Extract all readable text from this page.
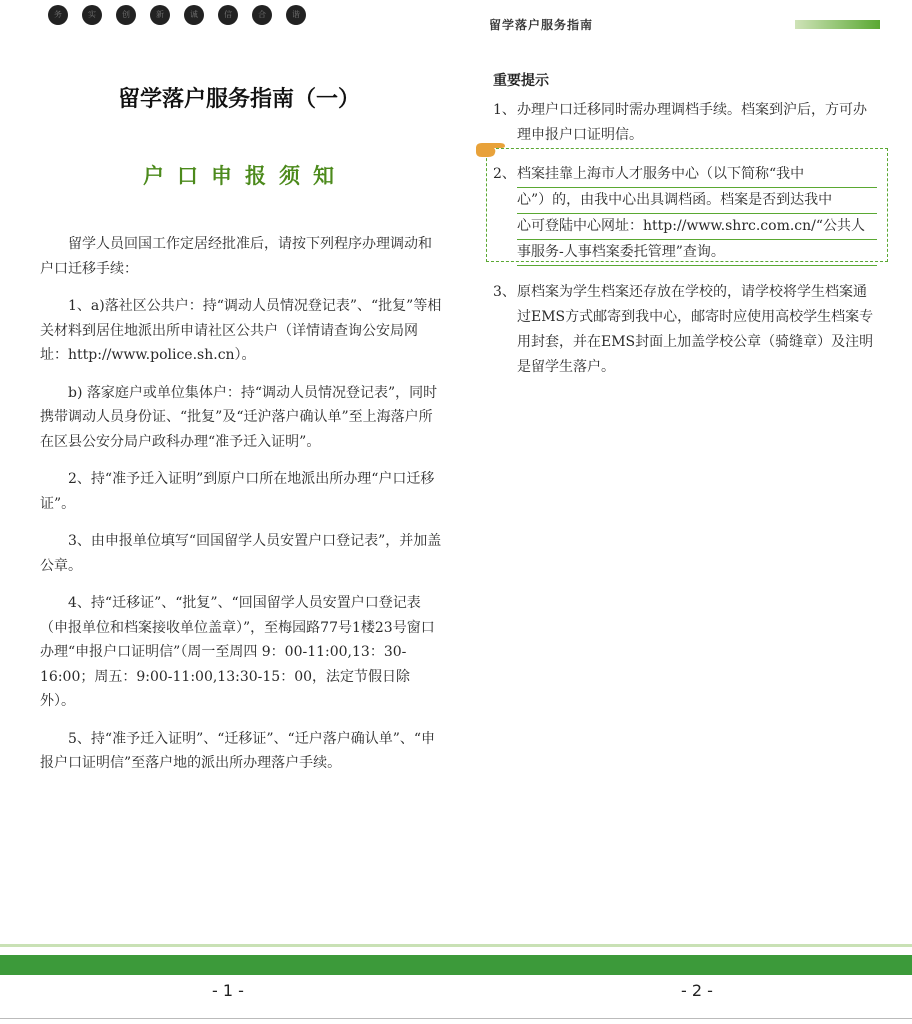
务	实	创	新	诚	信	合	谐
留学落户服务指南
留学落户服务指南（一）
户口申报须知

留学人员回国工作定居经批准后，请按下列程序办理调动和户口迁移手续：

1、a)落社区公共户：持“调动人员情况登记表”、“批复”等相关材料到居住地派出所申请社区公共户（详情请查询公安局网址：http://www.police.sh.cn）。

b) 落家庭户或单位集体户：持“调动人员情况登记表”，同时携带调动人员身份证、“批复”及“迁沪落户确认单”至上海落户所在区县公安分局户政科办理“准予迁入证明”。

2、持“准予迁入证明”到原户口所在地派出所办理“户口迁移证”。

3、由申报单位填写“回国留学人员安置户口登记表”，并加盖公章。

4、持“迁移证”、“批复”、“回国留学人员安置户口登记表（申报单位和档案接收单位盖章）”，至梅园路77号1楼23号窗口办理“申报户口证明信”（周一至周四 9：00-11:00,13：30-16:00；周五：9:00-11:00,13:30-15：00，法定节假日除外）。

5、持“准予迁入证明”、“迁移证”、“迁户落户确认单”、“申报户口证明信”至落户地的派出所办理落户手续。

重要提示
1、 办理户口迁移同时需办理调档手续。档案到沪后，方可办理申报户口证明信。
2、 档案挂靠上海市人才服务中心（以下简称“我中
心”）的，由我中心出具调档函。档案是否到达我中
心可登陆中心网址：http://www.shrc.com.cn/“公共人
事服务-人事档案委托管理”查询。
3、 原档案为学生档案还存放在学校的，请学校将学生档案通过EMS方式邮寄到我中心，邮寄时应使用高校学生档案专用封套，并在EMS封面上加盖学校公章（骑缝章）及注明是留学生落户。
- 1 -	- 2 -
